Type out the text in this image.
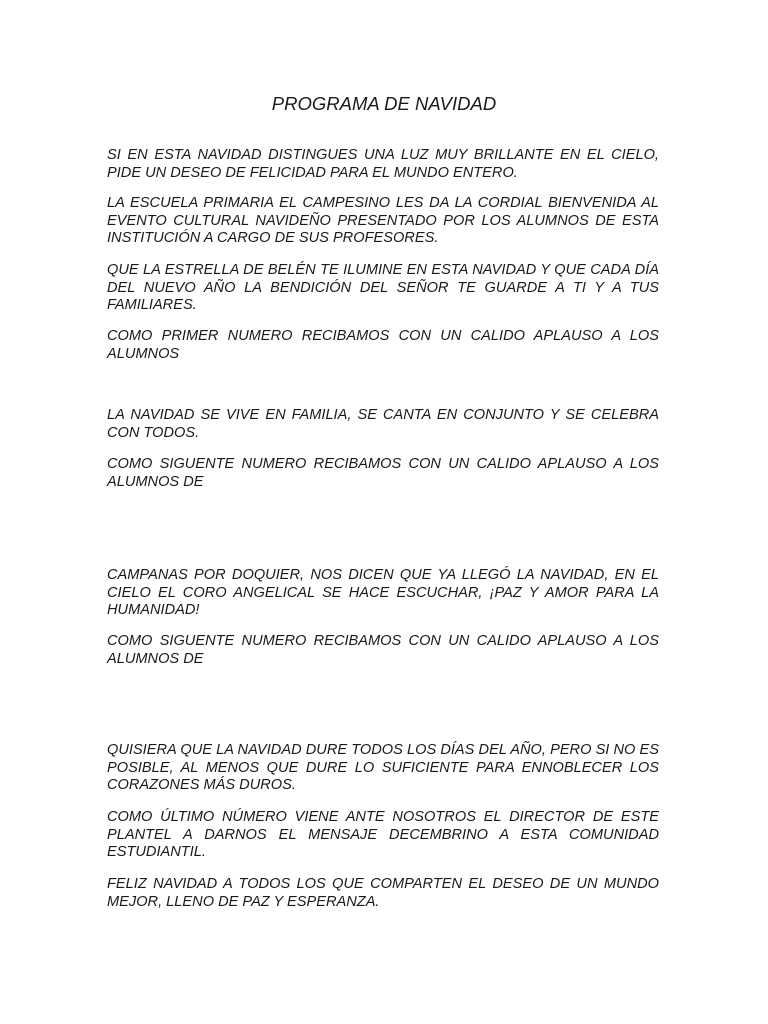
PROGRAMA DE NAVIDAD

SI EN ESTA NAVIDAD DISTINGUES UNA LUZ MUY BRILLANTE EN EL CIELO, PIDE UN DESEO DE FELICIDAD PARA EL MUNDO ENTERO.

LA ESCUELA PRIMARIA EL CAMPESINO LES DA LA CORDIAL BIENVENIDA AL EVENTO CULTURAL NAVIDEÑO PRESENTADO POR LOS ALUMNOS DE ESTA INSTITUCIÓN A CARGO DE SUS PROFESORES.

QUE LA ESTRELLA DE BELÉN TE ILUMINE EN ESTA NAVIDAD Y QUE CADA DÍA DEL NUEVO AÑO LA BENDICIÓN DEL SEÑOR TE GUARDE A TI Y A TUS FAMILIARES.

COMO PRIMER NUMERO RECIBAMOS CON UN CALIDO APLAUSO A LOS ALUMNOS

LA NAVIDAD SE VIVE EN FAMILIA, SE CANTA EN CONJUNTO Y SE CELEBRA CON TODOS.

COMO SIGUENTE NUMERO RECIBAMOS CON UN CALIDO APLAUSO A LOS ALUMNOS DE

CAMPANAS POR DOQUIER, NOS DICEN QUE YA LLEGÓ LA NAVIDAD, EN EL CIELO EL CORO ANGELICAL SE HACE ESCUCHAR, ¡PAZ Y AMOR PARA LA HUMANIDAD!

COMO SIGUENTE NUMERO RECIBAMOS CON UN CALIDO APLAUSO A LOS ALUMNOS DE

QUISIERA QUE LA NAVIDAD DURE TODOS LOS DÍAS DEL AÑO, PERO SI NO ES POSIBLE, AL MENOS QUE DURE LO SUFICIENTE PARA ENNOBLECER LOS CORAZONES MÁS DUROS.

COMO ÚLTIMO NÚMERO VIENE ANTE NOSOTROS EL DIRECTOR DE ESTE PLANTEL A DARNOS EL MENSAJE DECEMBRINO A ESTA COMUNIDAD ESTUDIANTIL.

FELIZ NAVIDAD A TODOS LOS QUE COMPARTEN EL DESEO DE UN MUNDO MEJOR, LLENO DE PAZ Y ESPERANZA.
